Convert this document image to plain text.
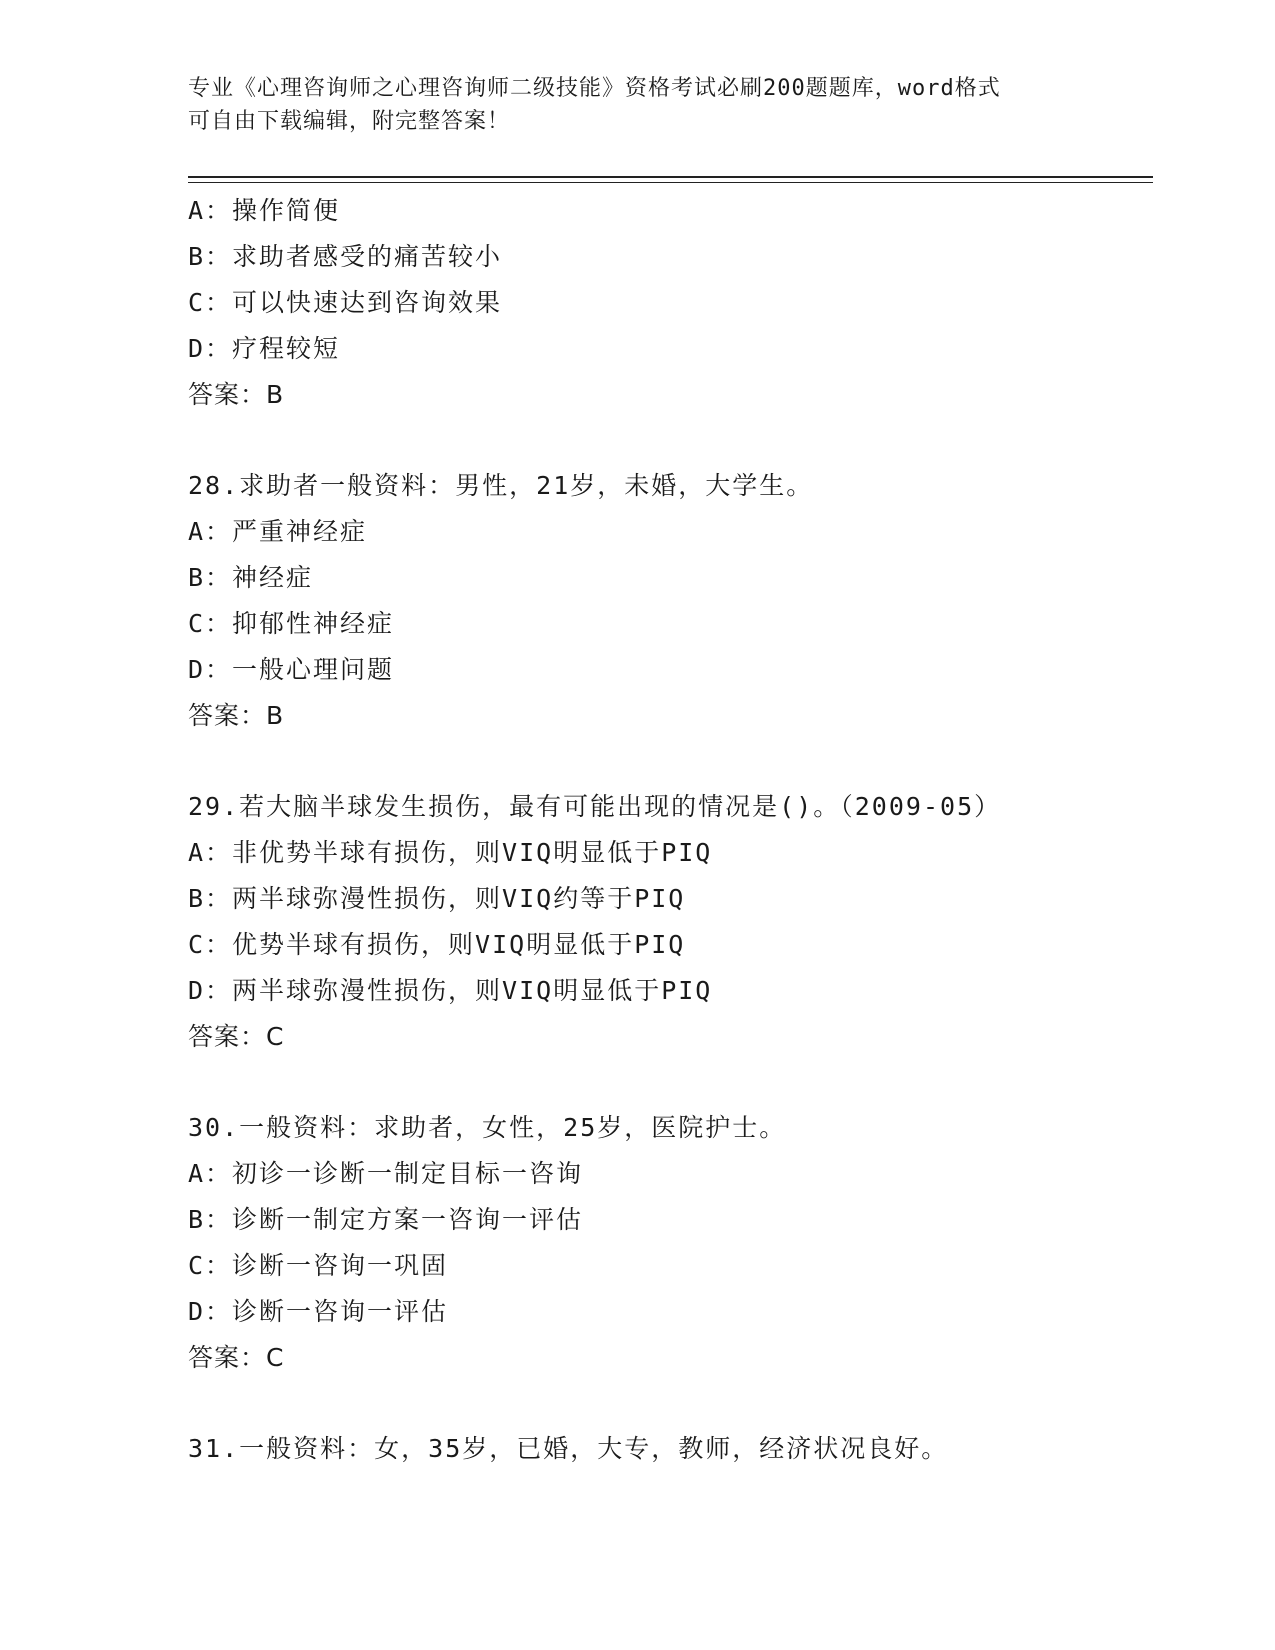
专业《心理咨询师之心理咨询师二级技能》资格考试必刷200题题库，word格式
可自由下载编辑，附完整答案！
A：操作简便
B：求助者感受的痛苦较小
C：可以快速达到咨询效果
D：疗程较短
答案：B
28.求助者一般资料：男性，21岁，未婚，大学生。
A：严重神经症
B：神经症
C：抑郁性神经症
D：一般心理问题
答案：B
29.若大脑半球发生损伤，最有可能出现的情况是()。（2009-05）
A：非优势半球有损伤，则VIQ明显低于PIQ
B：两半球弥漫性损伤，则VIQ约等于PIQ
C：优势半球有损伤，则VIQ明显低于PIQ
D：两半球弥漫性损伤，则VIQ明显低于PIQ
答案：C
30.一般资料：求助者，女性，25岁，医院护士。
A：初诊一诊断一制定目标一咨询
B：诊断一制定方案一咨询一评估
C：诊断一咨询一巩固
D：诊断一咨询一评估
答案：C
31.一般资料：女，35岁，已婚，大专，教师，经济状况良好。
